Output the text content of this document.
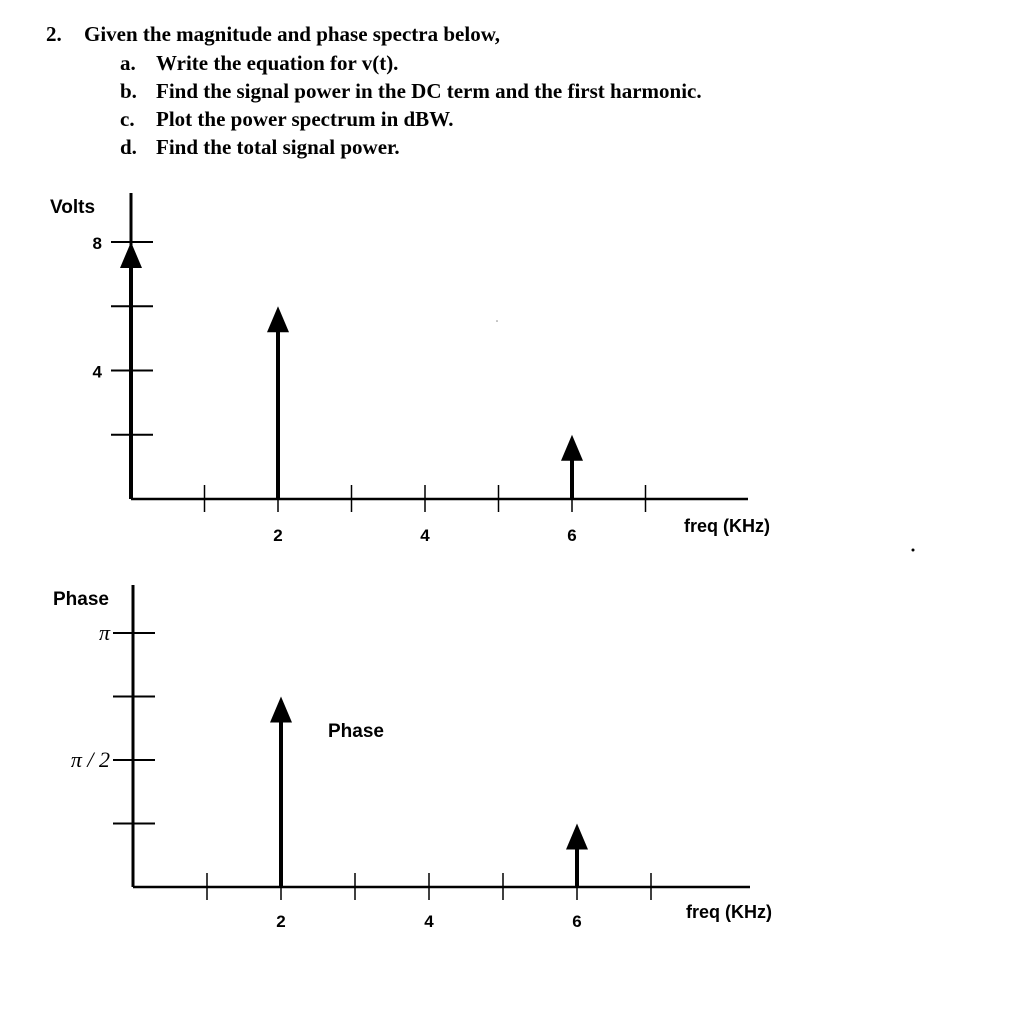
2. Given the magnitude and phase spectra below,
a. Write the equation for v(t).
b. Find the signal power in the DC term and the first harmonic.
c. Plot the power spectrum in dBW.
d. Find the total signal power.
8
4
2	4	6
Volts
freq (KHz)
π
π / 2
2	4	6
Phase
freq (KHz)
Phase
